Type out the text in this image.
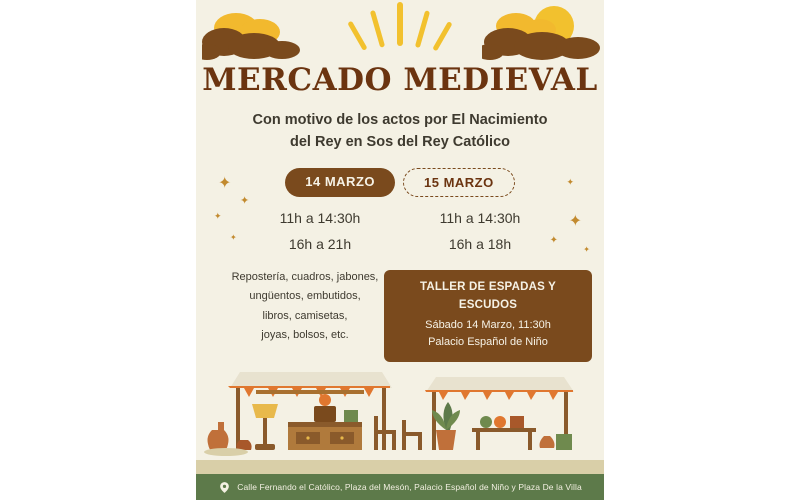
✦
✦
✦
✦
✦
✦
✦
✦
MERCADO MEDIEVAL
Con motivo de los actos por El Nacimiento
del Rey en Sos del Rey Católico
14 MARZO	15 MARZO
11h a 14:30h
16h a 21h
11h a 14:30h
16h a 18h
Repostería, cuadros, jabones,
ungüentos, embutidos,
libros, camisetas,
joyas, bolsos, etc.
TALLER DE ESPADAS Y ESCUDOS
Sábado 14 Marzo, 11:30h
Palacio Español de Niño
Calle Fernando el Católico, Plaza del Mesón, Palacio Español de Niño y Plaza De la Villa
